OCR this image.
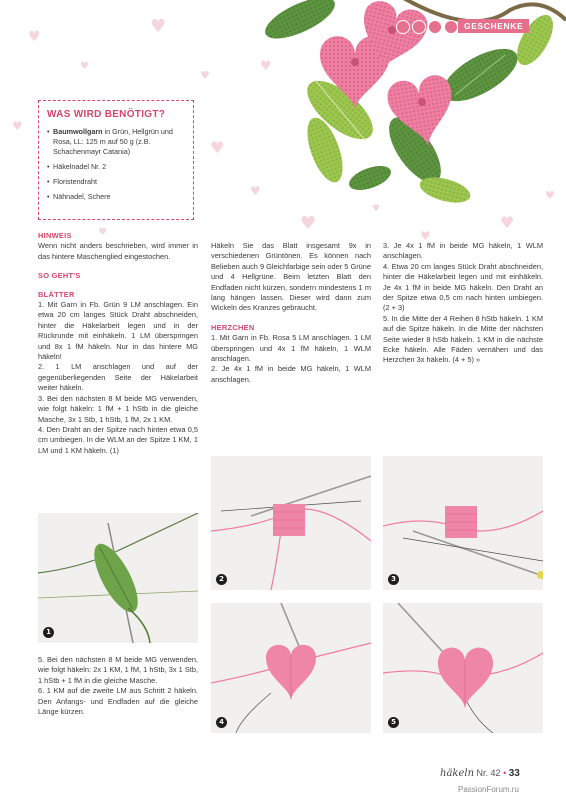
♥
♥
♥
♥
♥
♥
♥
♥
♥
♥
♥
♥
♥
♥
GESCHENKE
WAS WIRD BENÖTIGT?
• Baumwollgarn in Grün, Hellgrün und Rosa, LL: 125 m auf 50 g (z.B. Schachenmayr Catania)
• Häkelnadel Nr. 2
• Floristendraht
• Nähnadel, Schere
HINWEIS

Wenn nicht anders beschrieben, wird immer in das hintere Maschenglied eingestochen.

SO GEHT'S
BLÄTTER

1. Mit Garn in Fb. Grün 9 LM anschlagen. Ein etwa 20 cm langes Stück Draht abschneiden, hinter die Häkelarbeit legen und in der Rückrunde mit einhäkeln. 1 LM überspringen und 8x 1 fM häkeln. Nur in das hintere MG häkeln!

2. 1 LM anschlagen und auf der gegenüberliegenden Seite der Häkelarbeit weiter häkeln.

3. Bei den nächsten 8 M beide MG verwenden, wie folgt häkeln: 1 fM + 1 hStb in die gleiche Masche, 3x 1 Stb, 1 hStb, 1 fM, 2x 1 KM.

4. Den Draht an der Spitze nach hinten etwa 0,5 cm umbiegen. In die WLM an der Spitze 1 KM, 1 LM und 1 KM häkeln. (1)

1

5. Bei den nächsten 8 M beide MG verwenden, wie folgt häkeln: 2x 1 KM, 1 fM, 1 hStb, 3x 1 Stb, 1 hStb + 1 fM in die gleiche Masche.

6. 1 KM auf die zweite LM aus Schritt 2 häkeln. Den Anfangs- und Endfaden auf die gleiche Länge kürzen.

Häkeln Sie das Blatt insgesamt 9x in verschiedenen Grüntönen. Es können nach Belieben auch 9 Gleichfarbige sein oder 5 Grüne und 4 Hellgrüne. Beim letzten Blatt den Endfaden nicht kürzen, sondern mindestens 1 m lang hängen lassen. Dieser wird dann zum Wickeln des Kranzes gebraucht.

HERZCHEN

1. Mit Garn in Fb. Rosa 5 LM anschlagen. 1 LM überspringen und 4x 1 fM häkeln, 1 WLM anschlagen.

2. Je 4x 1 fM in beide MG häkeln, 1 WLM anschlagen.

3. Je 4x 1 fM in beide MG häkeln, 1 WLM anschlagen.

4. Etwa 20 cm langes Stück Draht abschneiden, hinter die Häkelarbeit legen und mit einhäkeln. Je 4x 1 fM in beide MG häkeln. Den Draht an der Spitze etwa 0,5 cm nach hinten umbiegen. (2 + 3)

5. In die Mitte der 4 Reihen 8 hStb häkeln. 1 KM auf die Spitze häkeln. In die Mitte der nächsten Seite wieder 8 hStb häkeln. 1 KM in die nächste Ecke häkeln. Alle Fäden vernähen und das Herzchen 3x häkeln. (4 + 5) »

2	3
4	5
häkeln Nr. 42 • 33
PassionForum.ru
